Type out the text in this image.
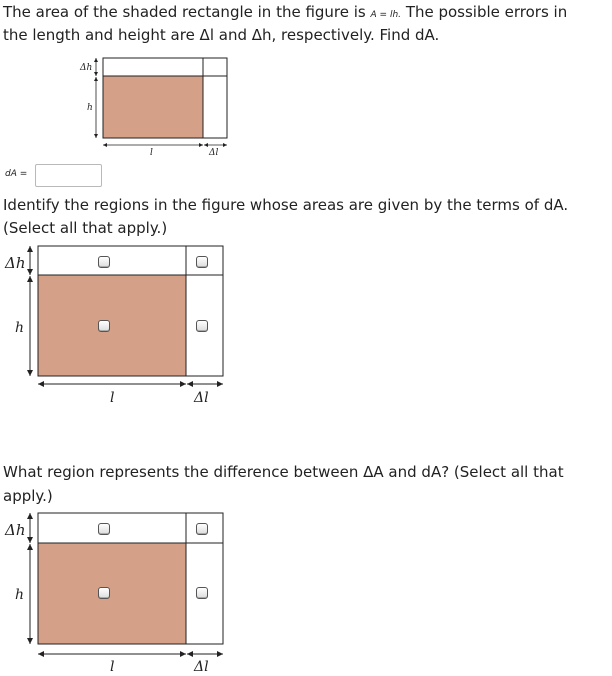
The area of the shaded rectangle in the figure is A = lh. The possible errors in
the length and height are Δl and Δh, respectively. Find dA.
Δh
h
l	Δl
dA =
Identify the regions in the figure whose areas are given by the terms of dA.
(Select all that apply.)
Δh
h
l	Δl
What region represents the difference between ΔA and dA? (Select all that
apply.)
Δh
h
l	Δl
